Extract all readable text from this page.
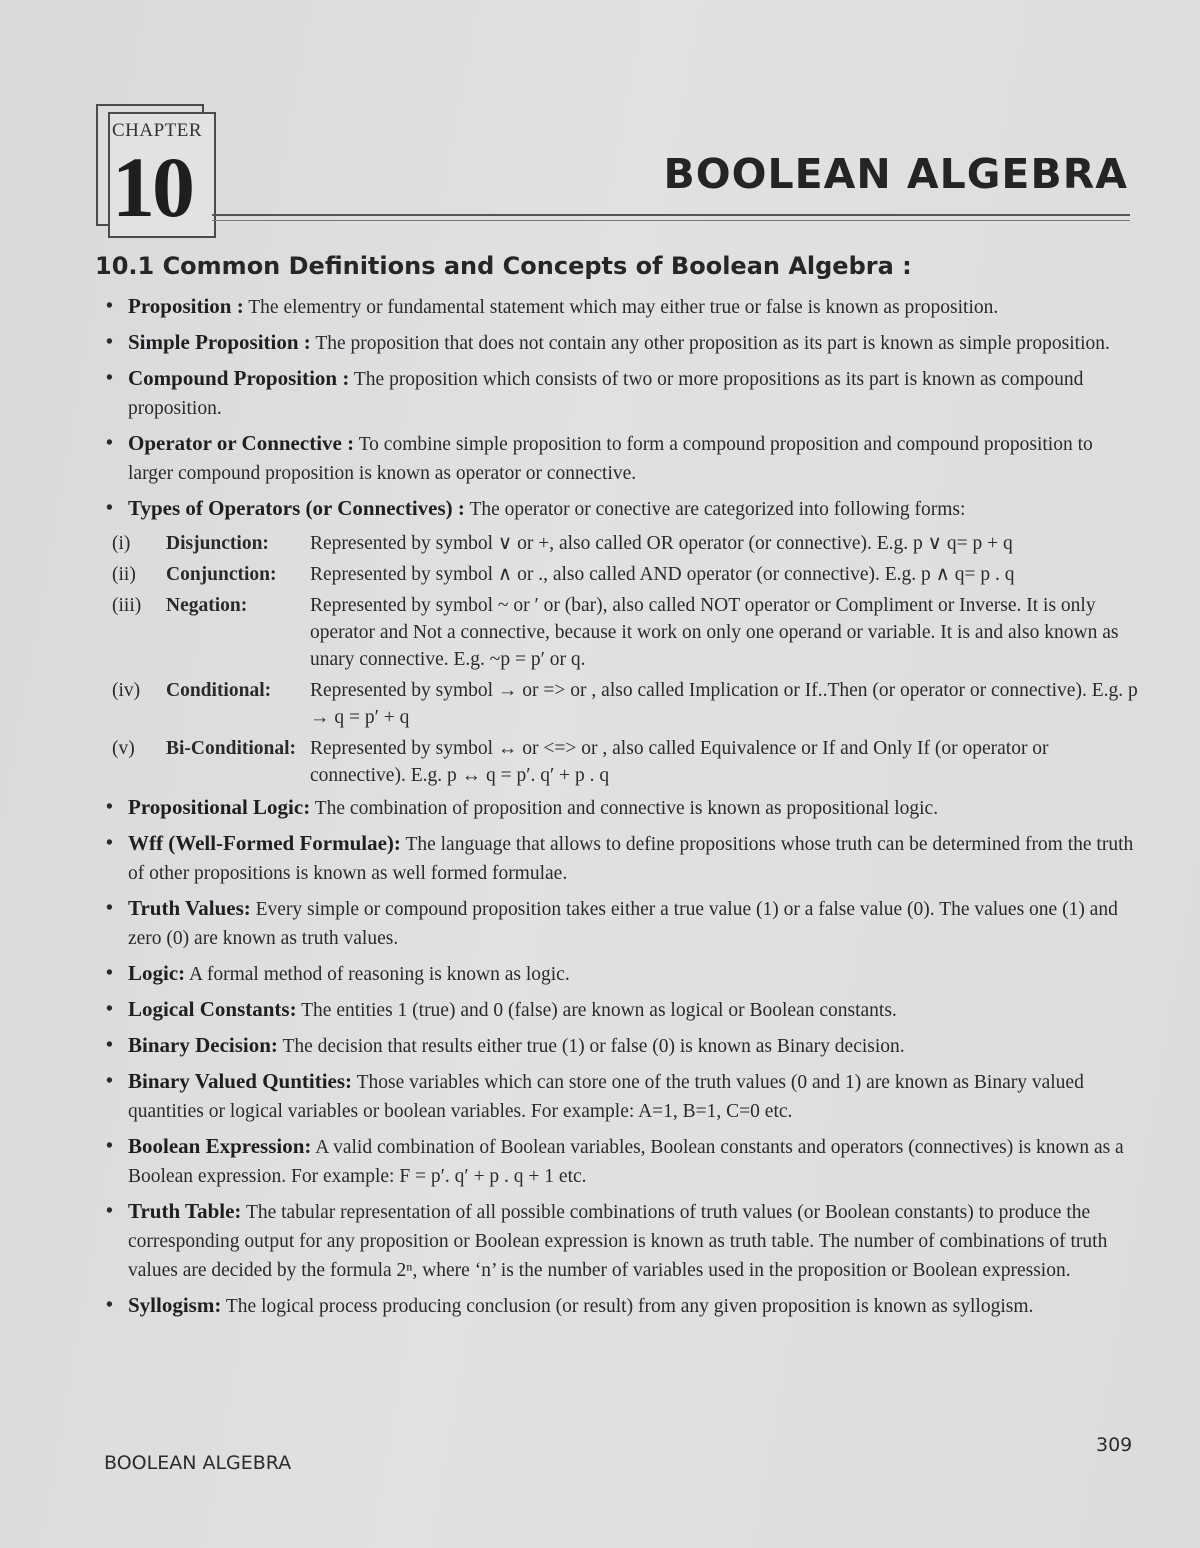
CHAPTER
10	BOOLEAN ALGEBRA
10.1 Common Definitions and Concepts of Boolean Algebra :
• Proposition : The elementry or fundamental statement which may either true or false is known as proposition.
• Simple Proposition : The proposition that does not contain any other proposition as its part is known as simple proposition.
• Compound Proposition : The proposition which consists of two or more propositions as its part is known as compound proposition.
• Operator or Connective : To combine simple proposition to form a compound proposition and compound proposition to larger compound proposition is known as operator or connective.
• Types of Operators (or Connectives) : The operator or conective are categorized into following forms:
(i)	Disjunction: Represented by symbol ∨ or +, also called OR operator (or connective). E.g. p ∨ q= p + q
(ii)	Conjunction: Represented by symbol ∧ or ., also called AND operator (or connective). E.g. p ∧ q= p . q
(iii)	Negation:	Represented by symbol ~ or ′ or (bar), also called NOT operator or Compliment or Inverse. It is only operator and Not a connective, because it work on only one operand or variable. It is and also known as unary connective. E.g. ~p = p′ or q.
(iv)	Conditional: Represented by symbol → or => or , also called Implication or If..Then (or operator or connective). E.g. p → q = p′ + q
(v)	Bi-Conditional: Represented by symbol ↔ or <=> or , also called Equivalence or If and Only If (or operator or connective). E.g. p ↔ q = p′. q′ + p . q
• Propositional Logic: The combination of proposition and connective is known as propositional logic.
• Wff (Well-Formed Formulae): The language that allows to define propositions whose truth can be determined from the truth of other propositions is known as well formed formulae.
• Truth Values: Every simple or compound proposition takes either a true value (1) or a false value (0). The values one (1) and zero (0) are known as truth values.
• Logic: A formal method of reasoning is known as logic.
• Logical Constants: The entities 1 (true) and 0 (false) are known as logical or Boolean constants.
• Binary Decision: The decision that results either true (1) or false (0) is known as Binary decision.
• Binary Valued Quntities: Those variables which can store one of the truth values (0 and 1) are known as Binary valued quantities or logical variables or boolean variables. For example: A=1, B=1, C=0 etc.
• Boolean Expression: A valid combination of Boolean variables, Boolean constants and operators (connectives) is known as a Boolean expression. For example: F = p′. q′ + p . q + 1 etc.
• Truth Table: The tabular representation of all possible combinations of truth values (or Boolean constants) to produce the corresponding output for any proposition or Boolean expression is known as truth table. The number of combinations of truth values are decided by the formula 2ⁿ, where ‘n’ is the number of variables used in the proposition or Boolean expression.
• Syllogism: The logical process producing conclusion (or result) from any given proposition is known as syllogism.
BOOLEAN ALGEBRA
309
